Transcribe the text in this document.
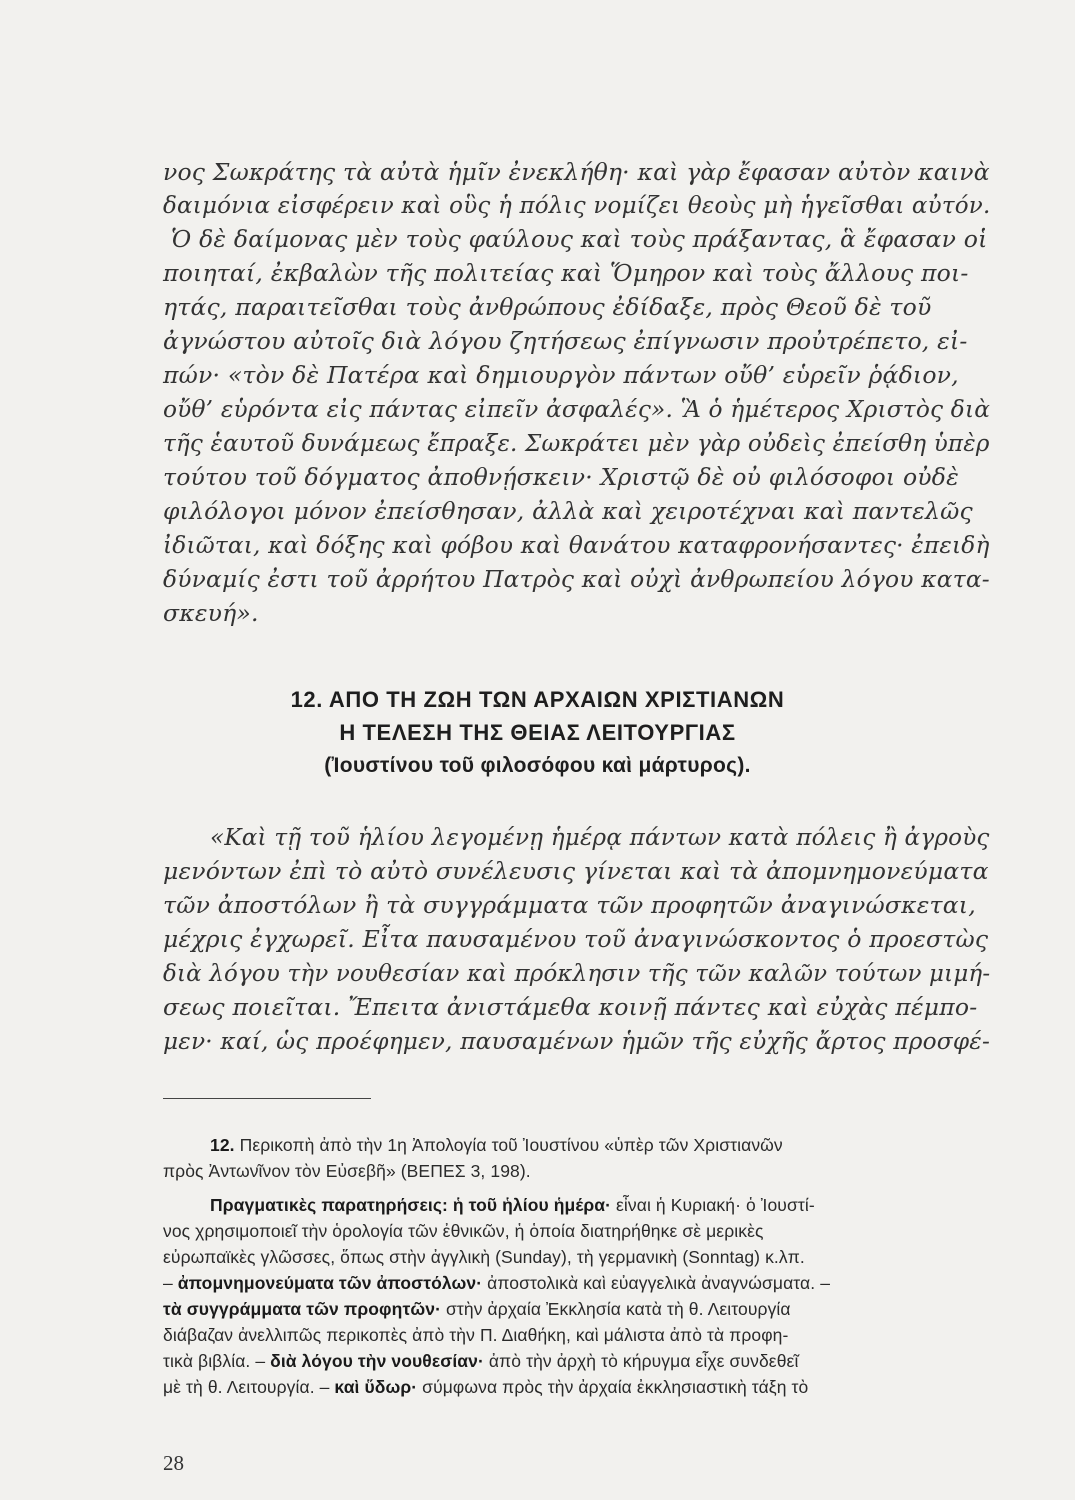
νος Σωκράτης τὰ αὐτὰ ἡμῖν ἐνεκλήθη· καὶ γὰρ ἔφασαν αὐτὸν καινὰ
δαιμόνια εἰσφέρειν καὶ οὓς ἡ πόλις νομίζει θεοὺς μὴ ἡγεῖσθαι αὐτόν.
Ὁ δὲ δαίμονας μὲν τοὺς φαύλους καὶ τοὺς πράξαντας, ἃ ἔφασαν οἱ
ποιηταί, ἐκβαλὼν τῆς πολιτείας καὶ Ὅμηρον καὶ τοὺς ἄλλους ποι-
ητάς, παραιτεῖσθαι τοὺς ἀνθρώπους ἐδίδαξε, πρὸς Θεοῦ δὲ τοῦ
ἀγνώστου αὐτοῖς διὰ λόγου ζητήσεως ἐπίγνωσιν προὐτρέπετο, εἰ-
πών· «τὸν δὲ Πατέρα καὶ δημιουργὸν πάντων οὔθ’ εὑρεῖν ῥᾴδιον,
οὔθ’ εὑρόντα εἰς πάντας εἰπεῖν ἀσφαλές». Ἃ ὁ ἡμέτερος Χριστὸς διὰ
τῆς ἑαυτοῦ δυνάμεως ἔπραξε. Σωκράτει μὲν γὰρ οὐδεὶς ἐπείσθη ὑπὲρ
τούτου τοῦ δόγματος ἀποθνῄσκειν· Χριστῷ δὲ οὐ φιλόσοφοι οὐδὲ
φιλόλογοι μόνον ἐπείσθησαν, ἀλλὰ καὶ χειροτέχναι καὶ παντελῶς
ἰδιῶται, καὶ δόξης καὶ φόβου καὶ θανάτου καταφρονήσαντες· ἐπειδὴ
δύναμίς ἐστι τοῦ ἀρρήτου Πατρὸς καὶ οὐχὶ ἀνθρωπείου λόγου κατα-
σκευή».
12. ΑΠΟ ΤΗ ΖΩΗ ΤΩΝ ΑΡΧΑΙΩΝ ΧΡΙΣΤΙΑΝΩΝ
Η ΤΕΛΕΣΗ ΤΗΣ ΘΕΙΑΣ ΛΕΙΤΟΥΡΓΙΑΣ
(Ἰουστίνου τοῦ φιλοσόφου καὶ μάρτυρος).
«Καὶ τῇ τοῦ ἡλίου λεγομένῃ ἡμέρᾳ πάντων κατὰ πόλεις ἢ ἀγροὺς
μενόντων ἐπὶ τὸ αὐτὸ συνέλευσις γίνεται καὶ τὰ ἀπομνημονεύματα
τῶν ἀποστόλων ἢ τὰ συγγράμματα τῶν προφητῶν ἀναγινώσκεται,
μέχρις ἐγχωρεῖ. Εἶτα παυσαμένου τοῦ ἀναγινώσκοντος ὁ προεστὼς
διὰ λόγου τὴν νουθεσίαν καὶ πρόκλησιν τῆς τῶν καλῶν τούτων μιμή-
σεως ποιεῖται. Ἔπειτα ἀνιστάμεθα κοινῇ πάντες καὶ εὐχὰς πέμπο-
μεν· καί, ὡς προέφημεν, παυσαμένων ἡμῶν τῆς εὐχῆς ἄρτος προσφέ-
12. Περικοπὴ ἀπὸ τὴν 1η Ἀπολογία τοῦ Ἰουστίνου «ὑπὲρ τῶν Χριστιανῶν
πρὸς Ἀντωνῖνον τὸν Εὐσεβῆ» (ΒΕΠΕΣ 3, 198).
Πραγματικὲς παρατηρήσεις: ἡ τοῦ ἡλίου ἡμέρα· εἶναι ἡ Κυριακή· ὁ Ἰουστί-
νος χρησιμοποιεῖ τὴν ὁρολογία τῶν ἐθνικῶν, ἡ ὁποία διατηρήθηκε σὲ μερικὲς
εὐρωπαϊκὲς γλῶσσες, ὅπως στὴν ἀγγλικὴ (Sunday), τὴ γερμανικὴ (Sonntag) κ.λπ.
– ἀπομνημονεύματα τῶν ἀποστόλων· ἀποστολικὰ καὶ εὐαγγελικὰ ἀναγνώσματα. –
τὰ συγγράμματα τῶν προφητῶν· στὴν ἀρχαία Ἐκκλησία κατὰ τὴ θ. Λειτουργία
διάβαζαν ἀνελλιπῶς περικοπὲς ἀπὸ τὴν Π. Διαθήκη, καὶ μάλιστα ἀπὸ τὰ προφη-
τικὰ βιβλία. – διὰ λόγου τὴν νουθεσίαν· ἀπὸ τὴν ἀρχὴ τὸ κήρυγμα εἶχε συνδεθεῖ
μὲ τὴ θ. Λειτουργία. – καὶ ὕδωρ· σύμφωνα πρὸς τὴν ἀρχαία ἐκκλησιαστικὴ τάξη τὸ
28
